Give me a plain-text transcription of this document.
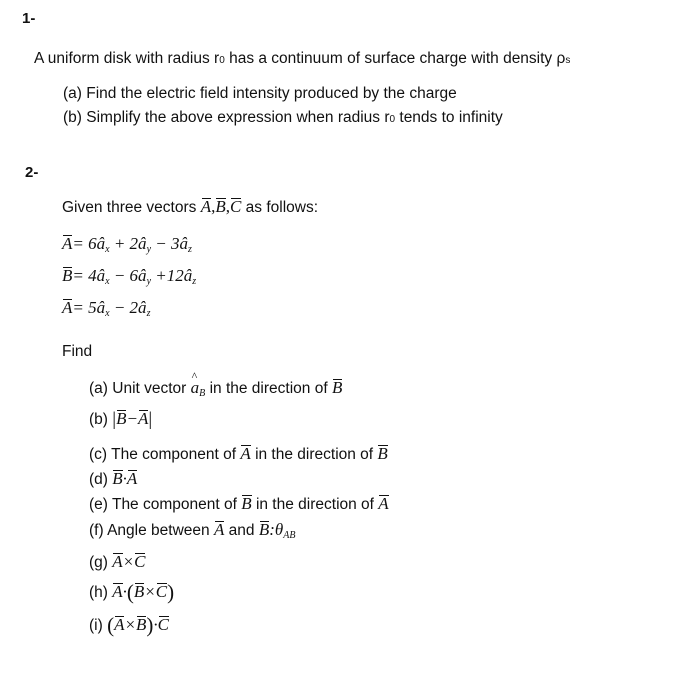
1-
A uniform disk with radius r0 has a continuum of surface charge with density ρs
(a) Find the electric field intensity produced by the charge
(b) Simplify the above expression when radius r0 tends to infinity
2-
Given three vectors A,B,C as follows:
$A= 6â_x$ + $2â_y$ − $3â_z$
$B= 4â_x$ − $6â_y$ $+12â_z$
$A= 5â_x$ − $2â_z$
Find
(a) Unit vector ^ $a_B$ in the direction of B
(b) |B−A|
(c) The component of A in the direction of B
(d) B·A
(e) The component of B in the direction of A
(f) Angle between A and $B:\theta_{AB}$
(g) A×C
(h) A·(B×C)
(i) (A×B)·C
